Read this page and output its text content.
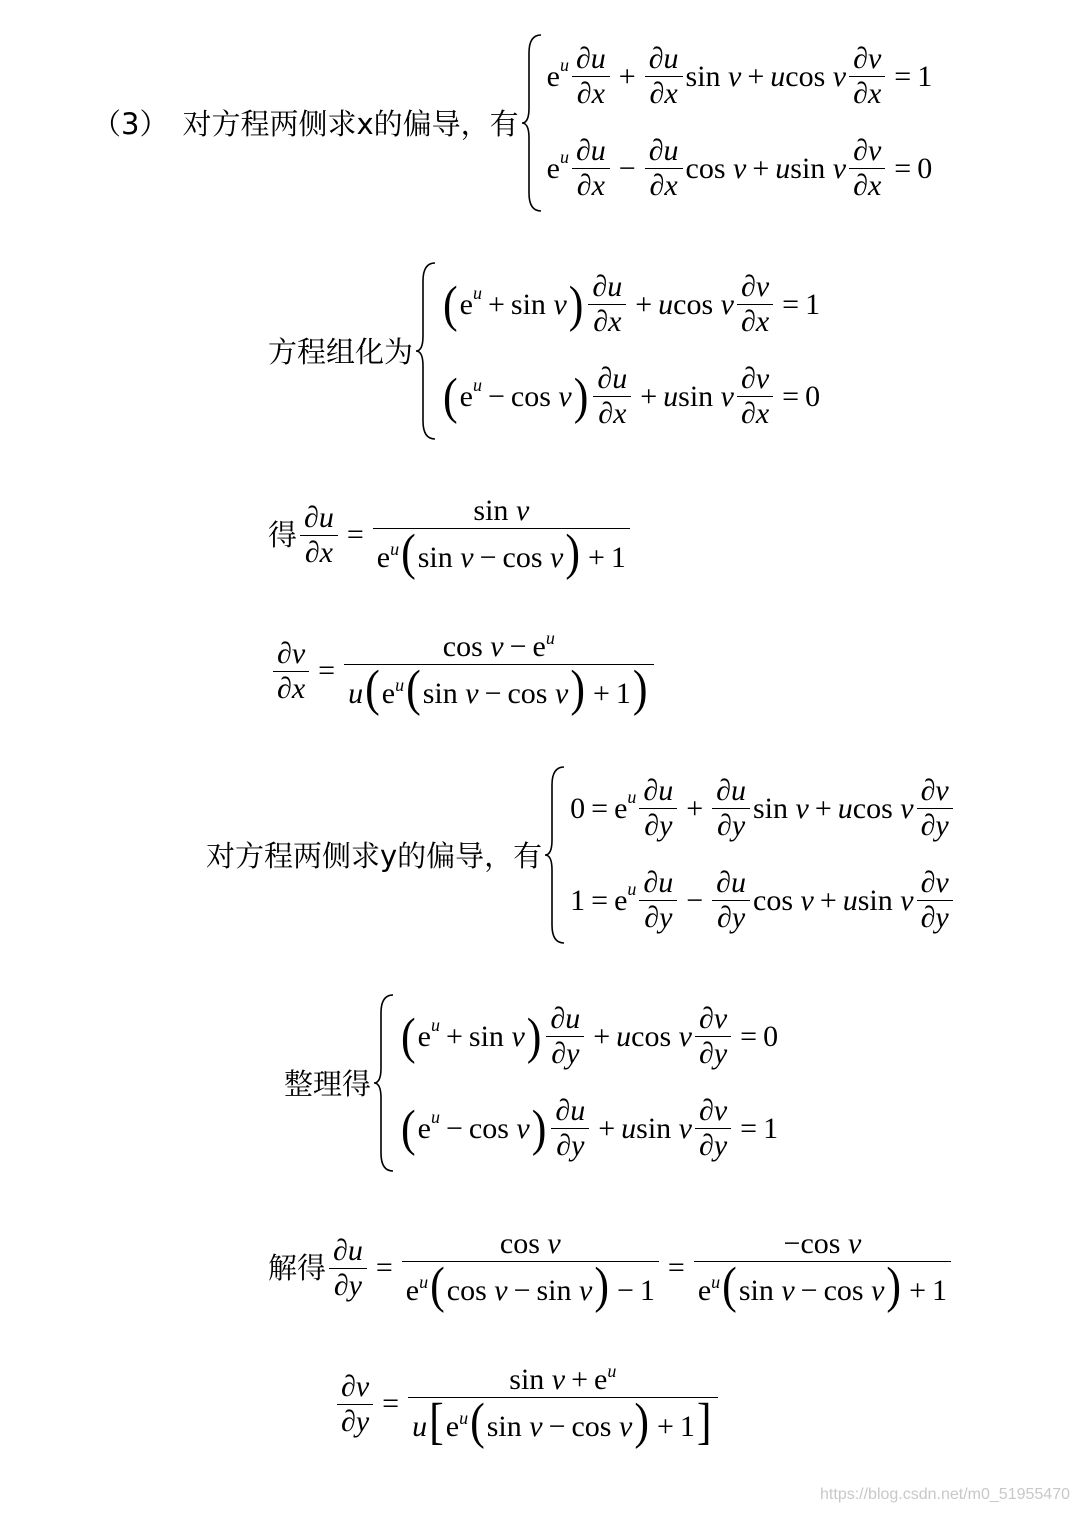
（3） 对方程两侧求x的偏导，有
$e^u \frac{\partial u}{\partial x} + \frac{\partial u}{\partial x}$ sin
v + u cos
v $\frac{\partial v}{\partial x} = 1$
$e^u \frac{\partial u}{\partial x} - \frac{\partial u}{\partial x}$ cos
v + u sin
v $\frac{\partial v}{\partial x} = 0$
方程组化为
( $e^u + \sin$
v ) $\frac{\partial u}{\partial x} + u$ cos
v $\frac{\partial v}{\partial x} = 1$
( $e^u - \cos$
v ) $\frac{\partial u}{\partial x} + u$ sin
v $\frac{\partial v}{\partial x} = 0$
得 $\frac{\partial u}{\partial x} = \frac{\text{sin v}}{e^u(\sin v - \cos v) + 1}$
$\frac{\partial v}{\partial x} = \frac{\cos v - e^u}{u(e^u(\sin v - \cos v) + 1)}$
对方程两侧求y的偏导，有
$0 = e^u \frac{\partial u}{\partial y} + \frac{\partial u}{\partial y}$ sin
v + u cos
v $\frac{\partial v}{\partial y}$
$1 = e^u \frac{\partial u}{\partial y} - \frac{\partial u}{\partial y}$ cos
v + u sin
v $\frac{\partial v}{\partial y}$
整理得
( $e^u + \sin$
v ) $\frac{\partial u}{\partial y} + u$ cos
v $\frac{\partial v}{\partial y} = 0$
( $e^u - \cos$
v ) $\frac{\partial u}{\partial y} + u$ sin
v $\frac{\partial v}{\partial y} = 1$
解得 $\frac{\partial u}{\partial y} = \frac{\text{cos v}}{e^u(\cos v - \sin v) - 1} = \frac{\text{−cos v}}{e^u(\sin v - \cos v) + 1}$
$\frac{\partial v}{\partial y} = \frac{\sin v + e^u}{u[e^u(\sin v - \cos v) + 1]}$
https://blog.csdn.net/m0_51955470
